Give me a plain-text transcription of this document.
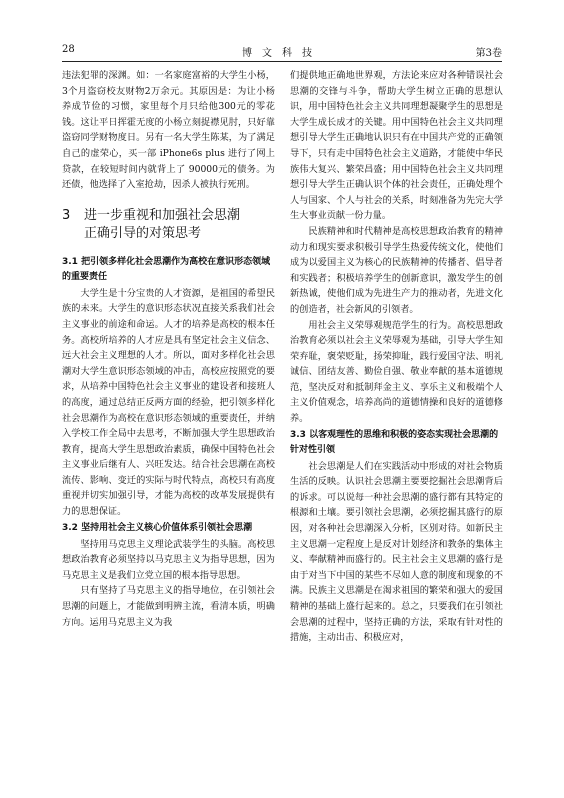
28	博文科技	第3卷

违法犯罪的深渊。如：一名家庭富裕的大学生小杨，3个月盗窃校友财物2万余元。其原因是：为让小杨养成节俭的习惯，家里每个月只给他300元的零花钱。这让平日挥霍无度的小杨立刻捉襟见肘，只好靠盗窃同学财物度日。另有一名大学生陈某，为了满足自己的虚荣心，买一部 iPhone6s plus 进行了网上贷款，在较短时间内就背上了 90000元的债务。为还债，他选择了入室抢劫，因杀人被执行死刑。

3 进一步重视和加强社会思潮
正确引导的对策思考
3.1 把引领多样化社会思潮作为高校在意识形态领域的重要责任

大学生是十分宝贵的人才资源，是祖国的希望民族的未来。大学生的意识形态状况直接关系我们社会主义事业的前途和命运。人才的培养是高校的根本任务。高校所培养的人才应是具有坚定社会主义信念、远大社会主义理想的人才。所以，面对多样化社会思潮对大学生意识形态领域的冲击，高校应按照党的要求，从培养中国特色社会主义事业的建设者和接班人的高度，通过总结正反两方面的经验，把引领多样化社会思潮作为高校在意识形态领域的重要责任，并纳入学校工作全局中去思考，不断加强大学生思想政治教育，提高大学生思想政治素质，确保中国特色社会主义事业后继有人、兴旺发达。结合社会思潮在高校流传、影响、变迁的实际与时代特点，高校只有高度重视并切实加强引导，才能为高校的改革发展提供有力的思想保证。

3.2 坚持用社会主义核心价值体系引领社会思潮

坚持用马克思主义理论武装学生的头脑。高校思想政治教育必须坚持以马克思主义为指导思想，因为马克思主义是我们立党立国的根本指导思想。

只有坚持了马克思主义的指导地位，在引领社会思潮的问题上，才能做到明辨主流，看清本质，明确方向。运用马克思主义为我

们提供地正确地世界观，方法论来应对各种错误社会思潮的交锋与斗争，帮助大学生树立正确的思想认识，用中国特色社会主义共同理想凝聚学生的思想是大学生成长成才的关键。用中国特色社会主义共同理想引导大学生正确地认识只有在中国共产党的正确领导下，只有走中国特色社会主义道路，才能使中华民族伟大复兴、繁荣昌盛；用中国特色社会主义共同理想引导大学生正确认识个体的社会责任，正确处理个人与国家、个人与社会的关系，时刻准备为先完大学生大事业贡献一份力量。

民族精神和时代精神是高校思想政治教育的精神动力和现实要求积极引导学生热爱传统文化，使他们成为以爱国主义为核心的民族精神的传播者、倡导者和实践者；积极培养学生的创新意识，激发学生的创新热诚，使他们成为先进生产力的推动者，先进文化的创造者，社会新风的引领者。

用社会主义荣辱观规范学生的行为。高校思想政治教育必须以社会主义荣辱观为基础，引导大学生知荣弃耻，褒荣贬耻，扬荣抑耻，践行爱国守法、明礼诚信、团结友善、勤俭自强、敬业奉献的基本道德规范，坚决反对和抵制拜金主义、享乐主义和极端个人主义价值观念，培养高尚的道德情操和良好的道德修养。

3.3 以客观理性的思维和积极的姿态实现社会思潮的针对性引领

社会思潮是人们在实践活动中形成的对社会物质生活的反映。认识社会思潮主要要挖掘社会思潮背后的诉求。可以说每一种社会思潮的盛行都有其特定的根源和土壤。要引领社会思潮，必须挖掘其盛行的原因，对各种社会思潮深入分析，区别对待。如新民主主义思潮一定程度上是反对计划经济和教条的集体主义、奉献精神而盛行的。民主社会主义思潮的盛行是由于对当下中国的某些不尽如人意的制度和现象的不满。民族主义思潮是在渴求祖国的繁荣和强大的爱国精神的基础上盛行起来的。总之，只要我们在引领社会思潮的过程中，坚持正确的方法，采取有针对性的措施，主动出击、积极应对，
